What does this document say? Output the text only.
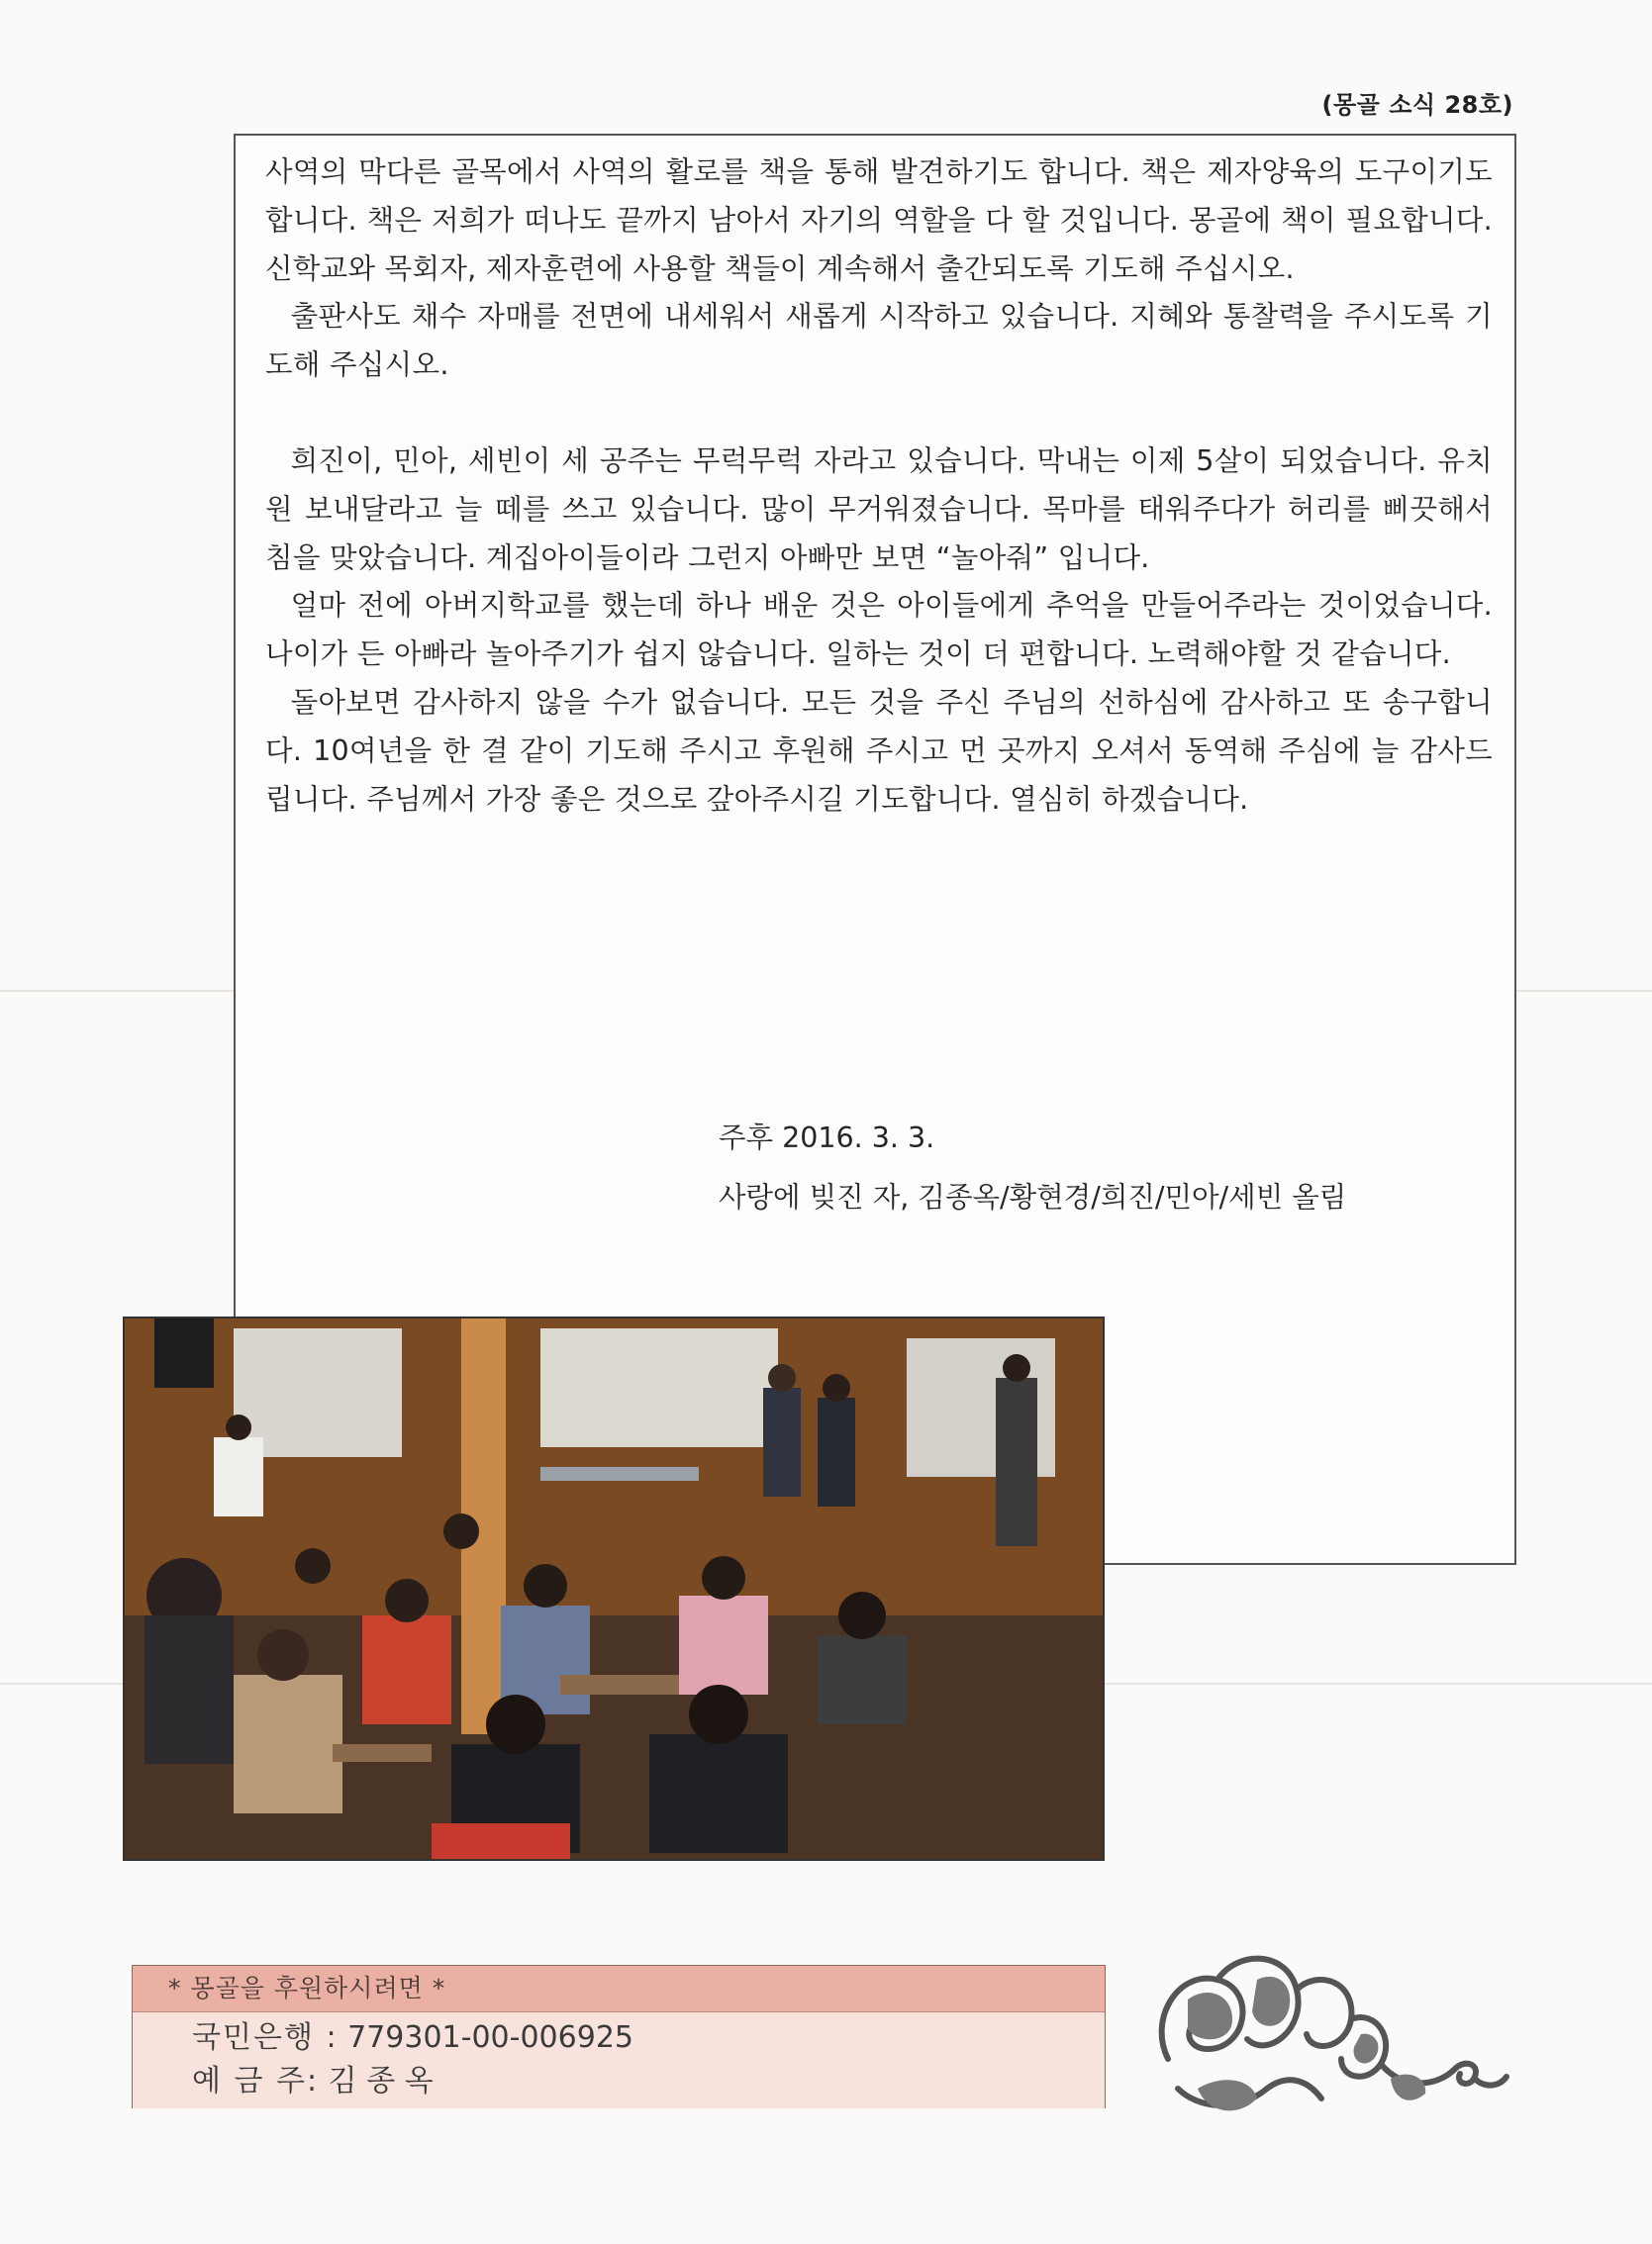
(몽골 소식 28호)

사역의 막다른 골목에서 사역의 활로를 책을 통해 발견하기도 합니다. 책은 제자양육의 도구이기도합니다. 책은 저희가 떠나도 끝까지 남아서 자기의 역할을 다 할 것입니다. 몽골에 책이 필요합니다. 신학교와 목회자, 제자훈련에 사용할 책들이 계속해서 출간되도록 기도해 주십시오.

출판사도 채수 자매를 전면에 내세워서 새롭게 시작하고 있습니다. 지혜와 통찰력을 주시도록 기도해 주십시오.

희진이, 민아, 세빈이 세 공주는 무럭무럭 자라고 있습니다. 막내는 이제 5살이 되었습니다. 유치원 보내달라고 늘 떼를 쓰고 있습니다. 많이 무거워졌습니다. 목마를 태워주다가 허리를 삐끗해서 침을 맞았습니다. 계집아이들이라 그런지 아빠만 보면 “놀아줘” 입니다.

얼마 전에 아버지학교를 했는데 하나 배운 것은 아이들에게 추억을 만들어주라는 것이었습니다. 나이가 든 아빠라 놀아주기가 쉽지 않습니다. 일하는 것이 더 편합니다. 노력해야할 것 같습니다.

돌아보면 감사하지 않을 수가 없습니다. 모든 것을 주신 주님의 선하심에 감사하고 또 송구합니다. 10여년을 한 결 같이 기도해 주시고 후원해 주시고 먼 곳까지 오셔서 동역해 주심에 늘 감사드립니다. 주님께서 가장 좋은 것으로 갚아주시길 기도합니다. 열심히 하겠습니다.

주후 2016. 3. 3.
사랑에 빚진 자, 김종옥/황현경/희진/민아/세빈 올림
* 몽골을 후원하시려면 *
국민은행 : 779301-00-006925
예 금 주: 김 종 옥
